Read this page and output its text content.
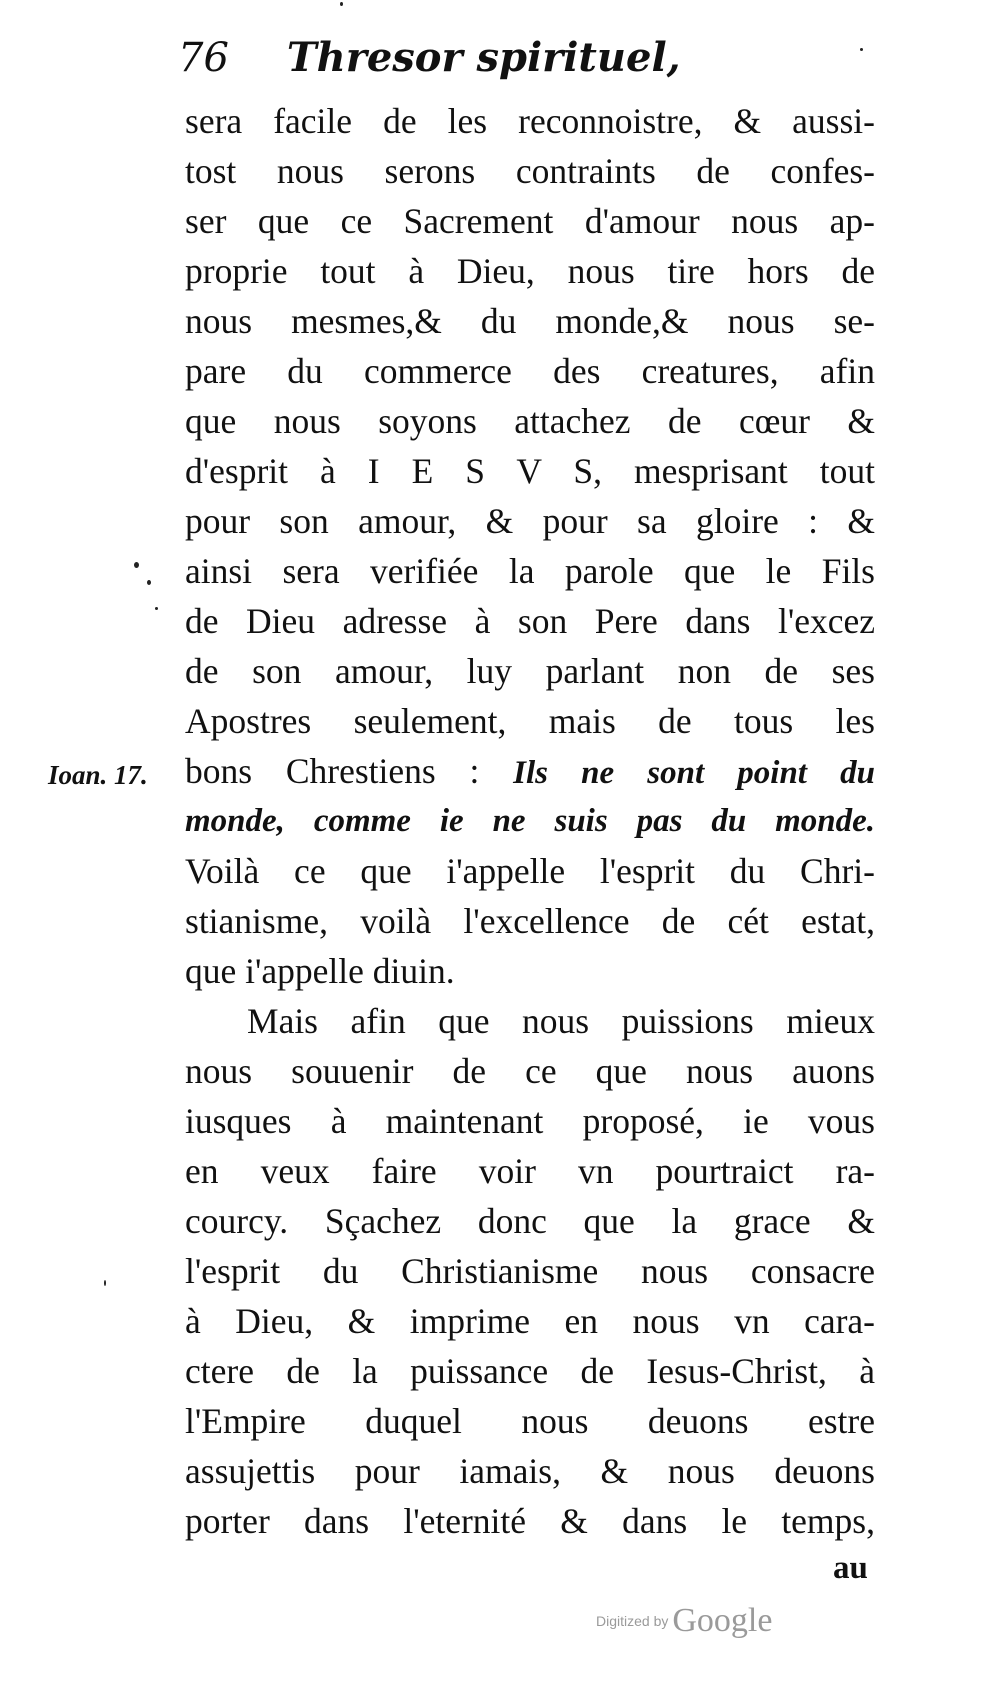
76 Thresor spirituel,
sera facile de les reconnoistre, & aussi-
tost nous serons contraints de confes-
ser que ce Sacrement d'amour nous ap-
proprie tout à Dieu, nous tire hors de
nous mesmes,& du monde,& nous se-
pare du commerce des creatures, afin
que nous soyons attachez de cœur &
d'esprit à I E S V S, mesprisant tout
pour son amour, & pour sa gloire : &
ainsi sera verifiée la parole que le Fils
de Dieu adresse à son Pere dans l'excez
de son amour, luy parlant non de ses
Apostres seulement, mais de tous les
bons Chrestiens : Ils ne sont point du
monde, comme ie ne suis pas du monde.
Voilà ce que i'appelle l'esprit du Chri-
stianisme, voilà l'excellence de cét estat,
que i'appelle diuin.
Mais afin que nous puissions mieux
nous souuenir de ce que nous auons
iusques à maintenant proposé, ie vous
en veux faire voir vn pourtraict ra-
courcy. Sçachez donc que la grace &
l'esprit du Christianisme nous consacre
à Dieu, & imprime en nous vn cara-
ctere de la puissance de Iesus-Christ, à
l'Empire duquel nous deuons estre
assujettis pour iamais, & nous deuons
porter dans l'eternité & dans le temps,
Ioan. 17.
au
Digitized by Google
